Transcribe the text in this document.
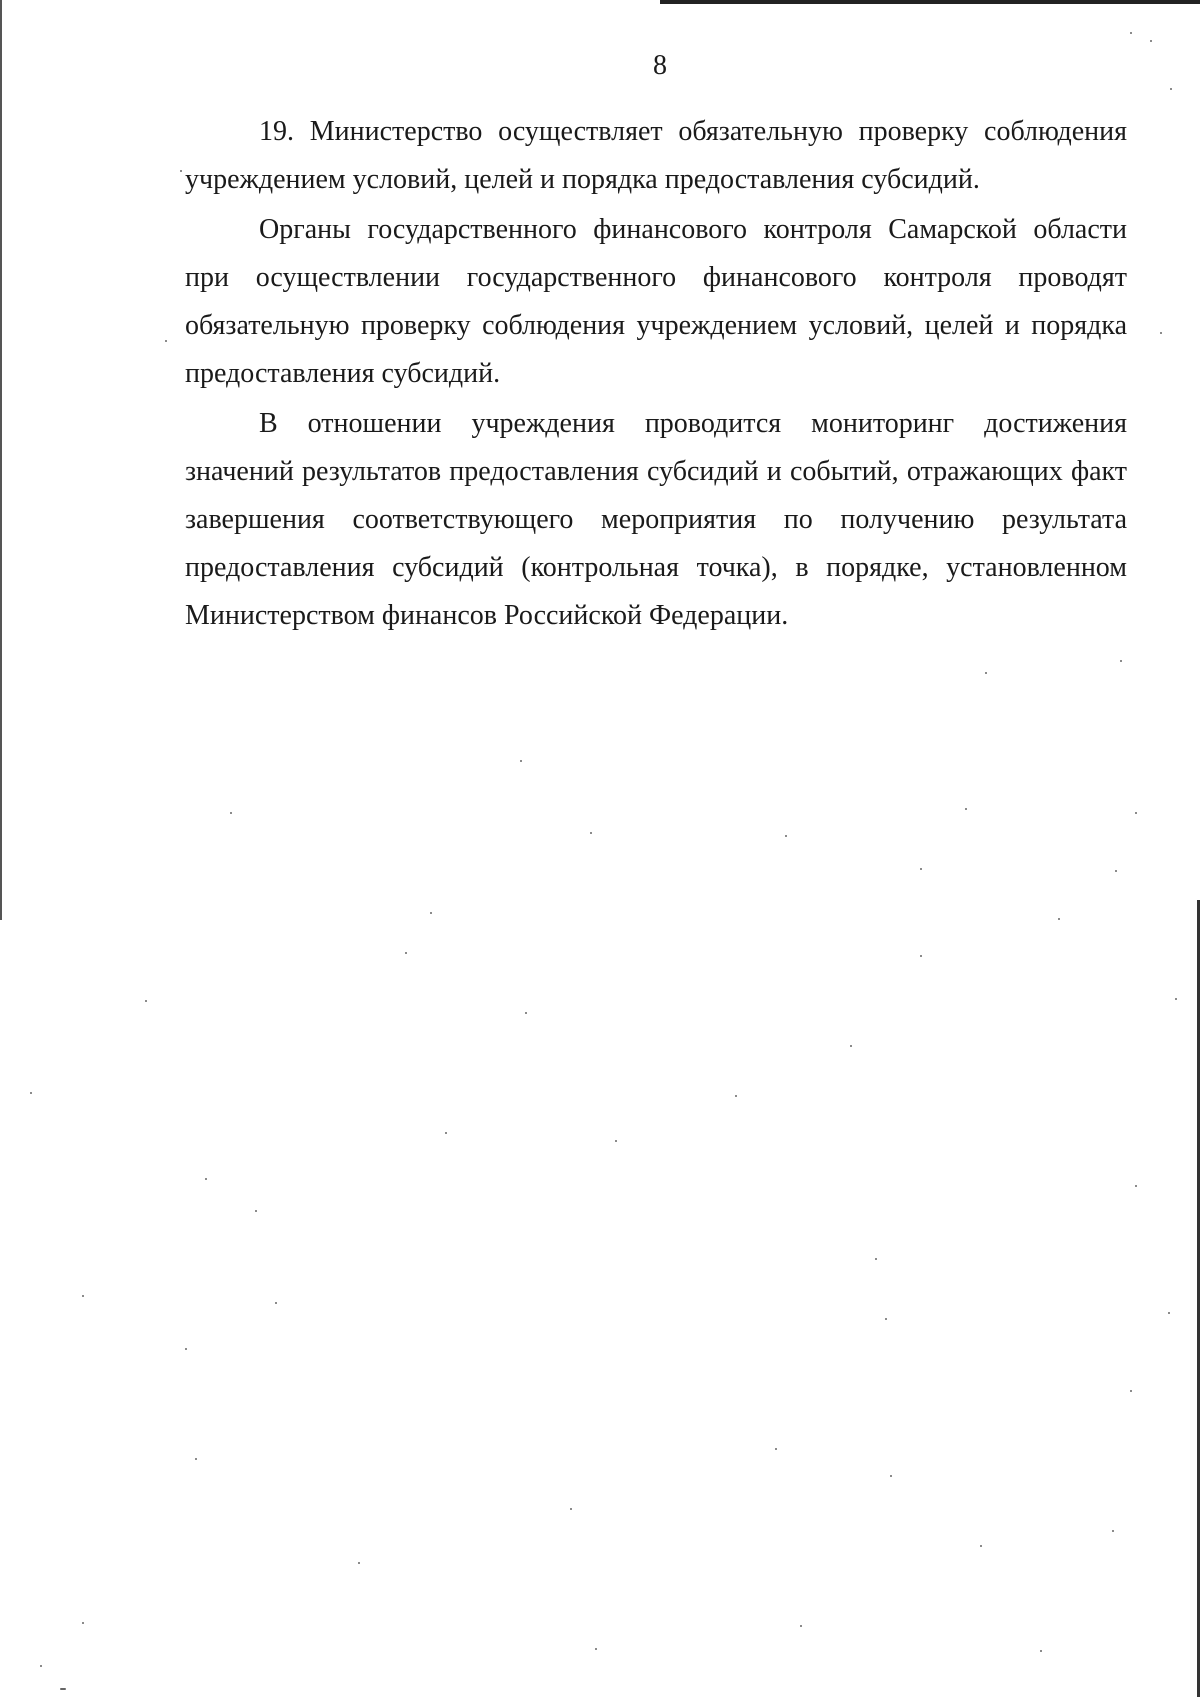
8

19. Министерство осуществляет обязательную проверку соблюдения учреждением условий, целей и порядка предоставления субсидий.

Органы государственного финансового контроля Самарской области при осуществлении государственного финансового контроля проводят обязательную проверку соблюдения учреждением условий, целей и порядка предоставления субсидий.

В отношении учреждения проводится мониторинг достижения значений результатов предоставления субсидий и событий, отражающих факт завершения соответствующего мероприятия по получению результата предоставления субсидий (контрольная точка), в порядке, установленном Министерством финансов Российской Федерации.
